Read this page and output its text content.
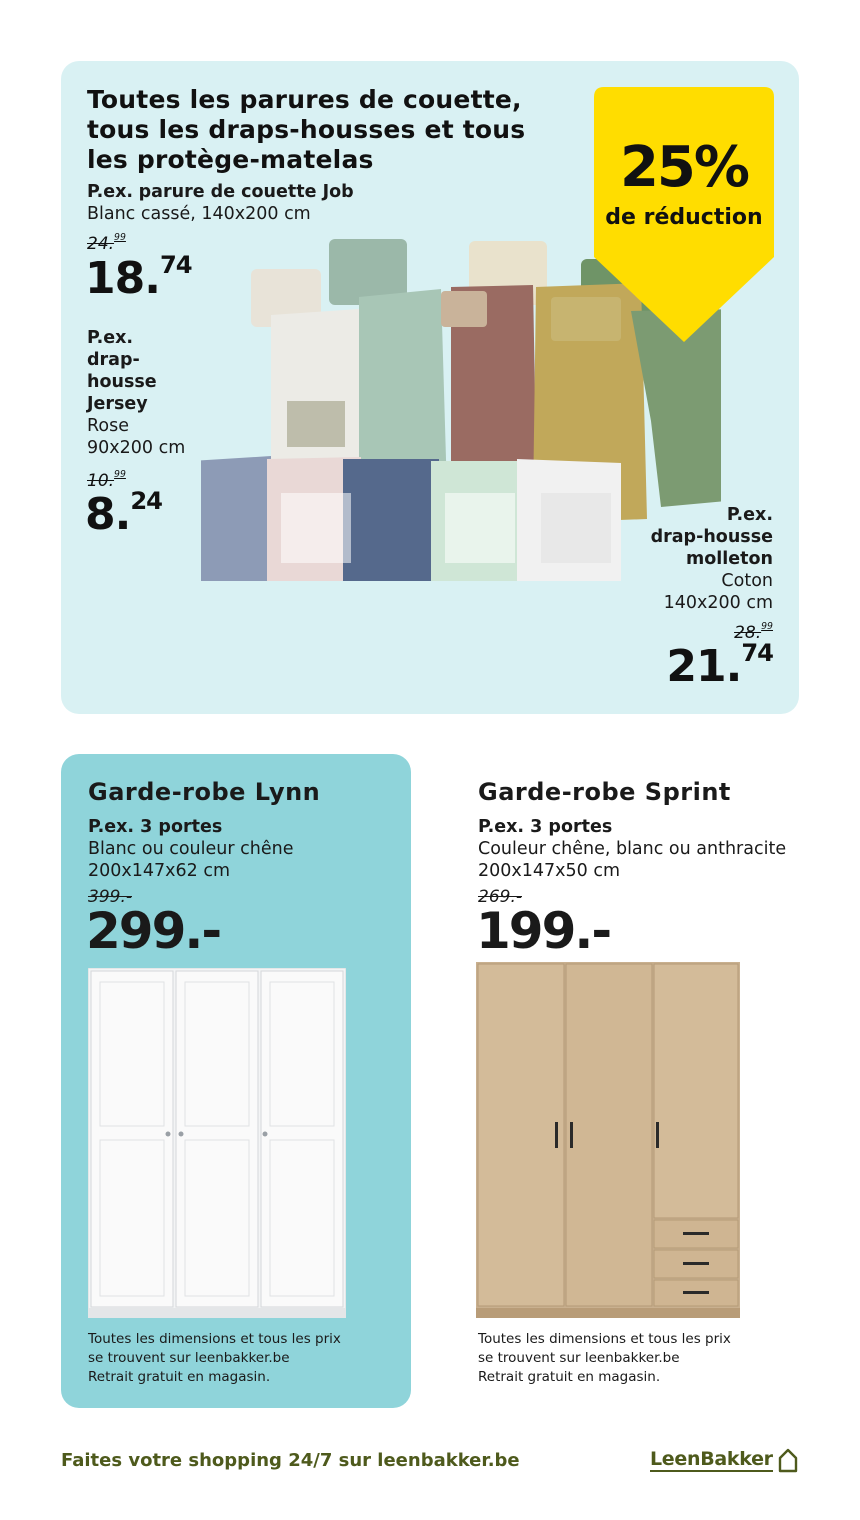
Toutes les parures de couette, tous les draps-housses et tous les protège-matelas
P.ex. parure de couette Job
Blanc cassé, 140x200 cm
24.99
18.74
P.ex.
drap-
housse
Jersey
Rose
90x200 cm
10.99
8.24	P.ex.
drap-housse
molleton
Coton
140x200 cm
28.99
21.74
25%
de réduction
Garde-robe Lynn
P.ex. 3 portes
Blanc ou couleur chêne
200x147x62 cm
399.-
299.-
Toutes les dimensions et tous les prix
se trouvent sur leenbakker.be
Retrait gratuit en magasin.
Garde-robe Sprint
P.ex. 3 portes
Couleur chêne, blanc ou anthracite
200x147x50 cm
269.-
199.-
Toutes les dimensions et tous les prix
se trouvent sur leenbakker.be
Retrait gratuit en magasin.
Faites votre shopping 24/7 sur leenbakker.be	LeenBakker
